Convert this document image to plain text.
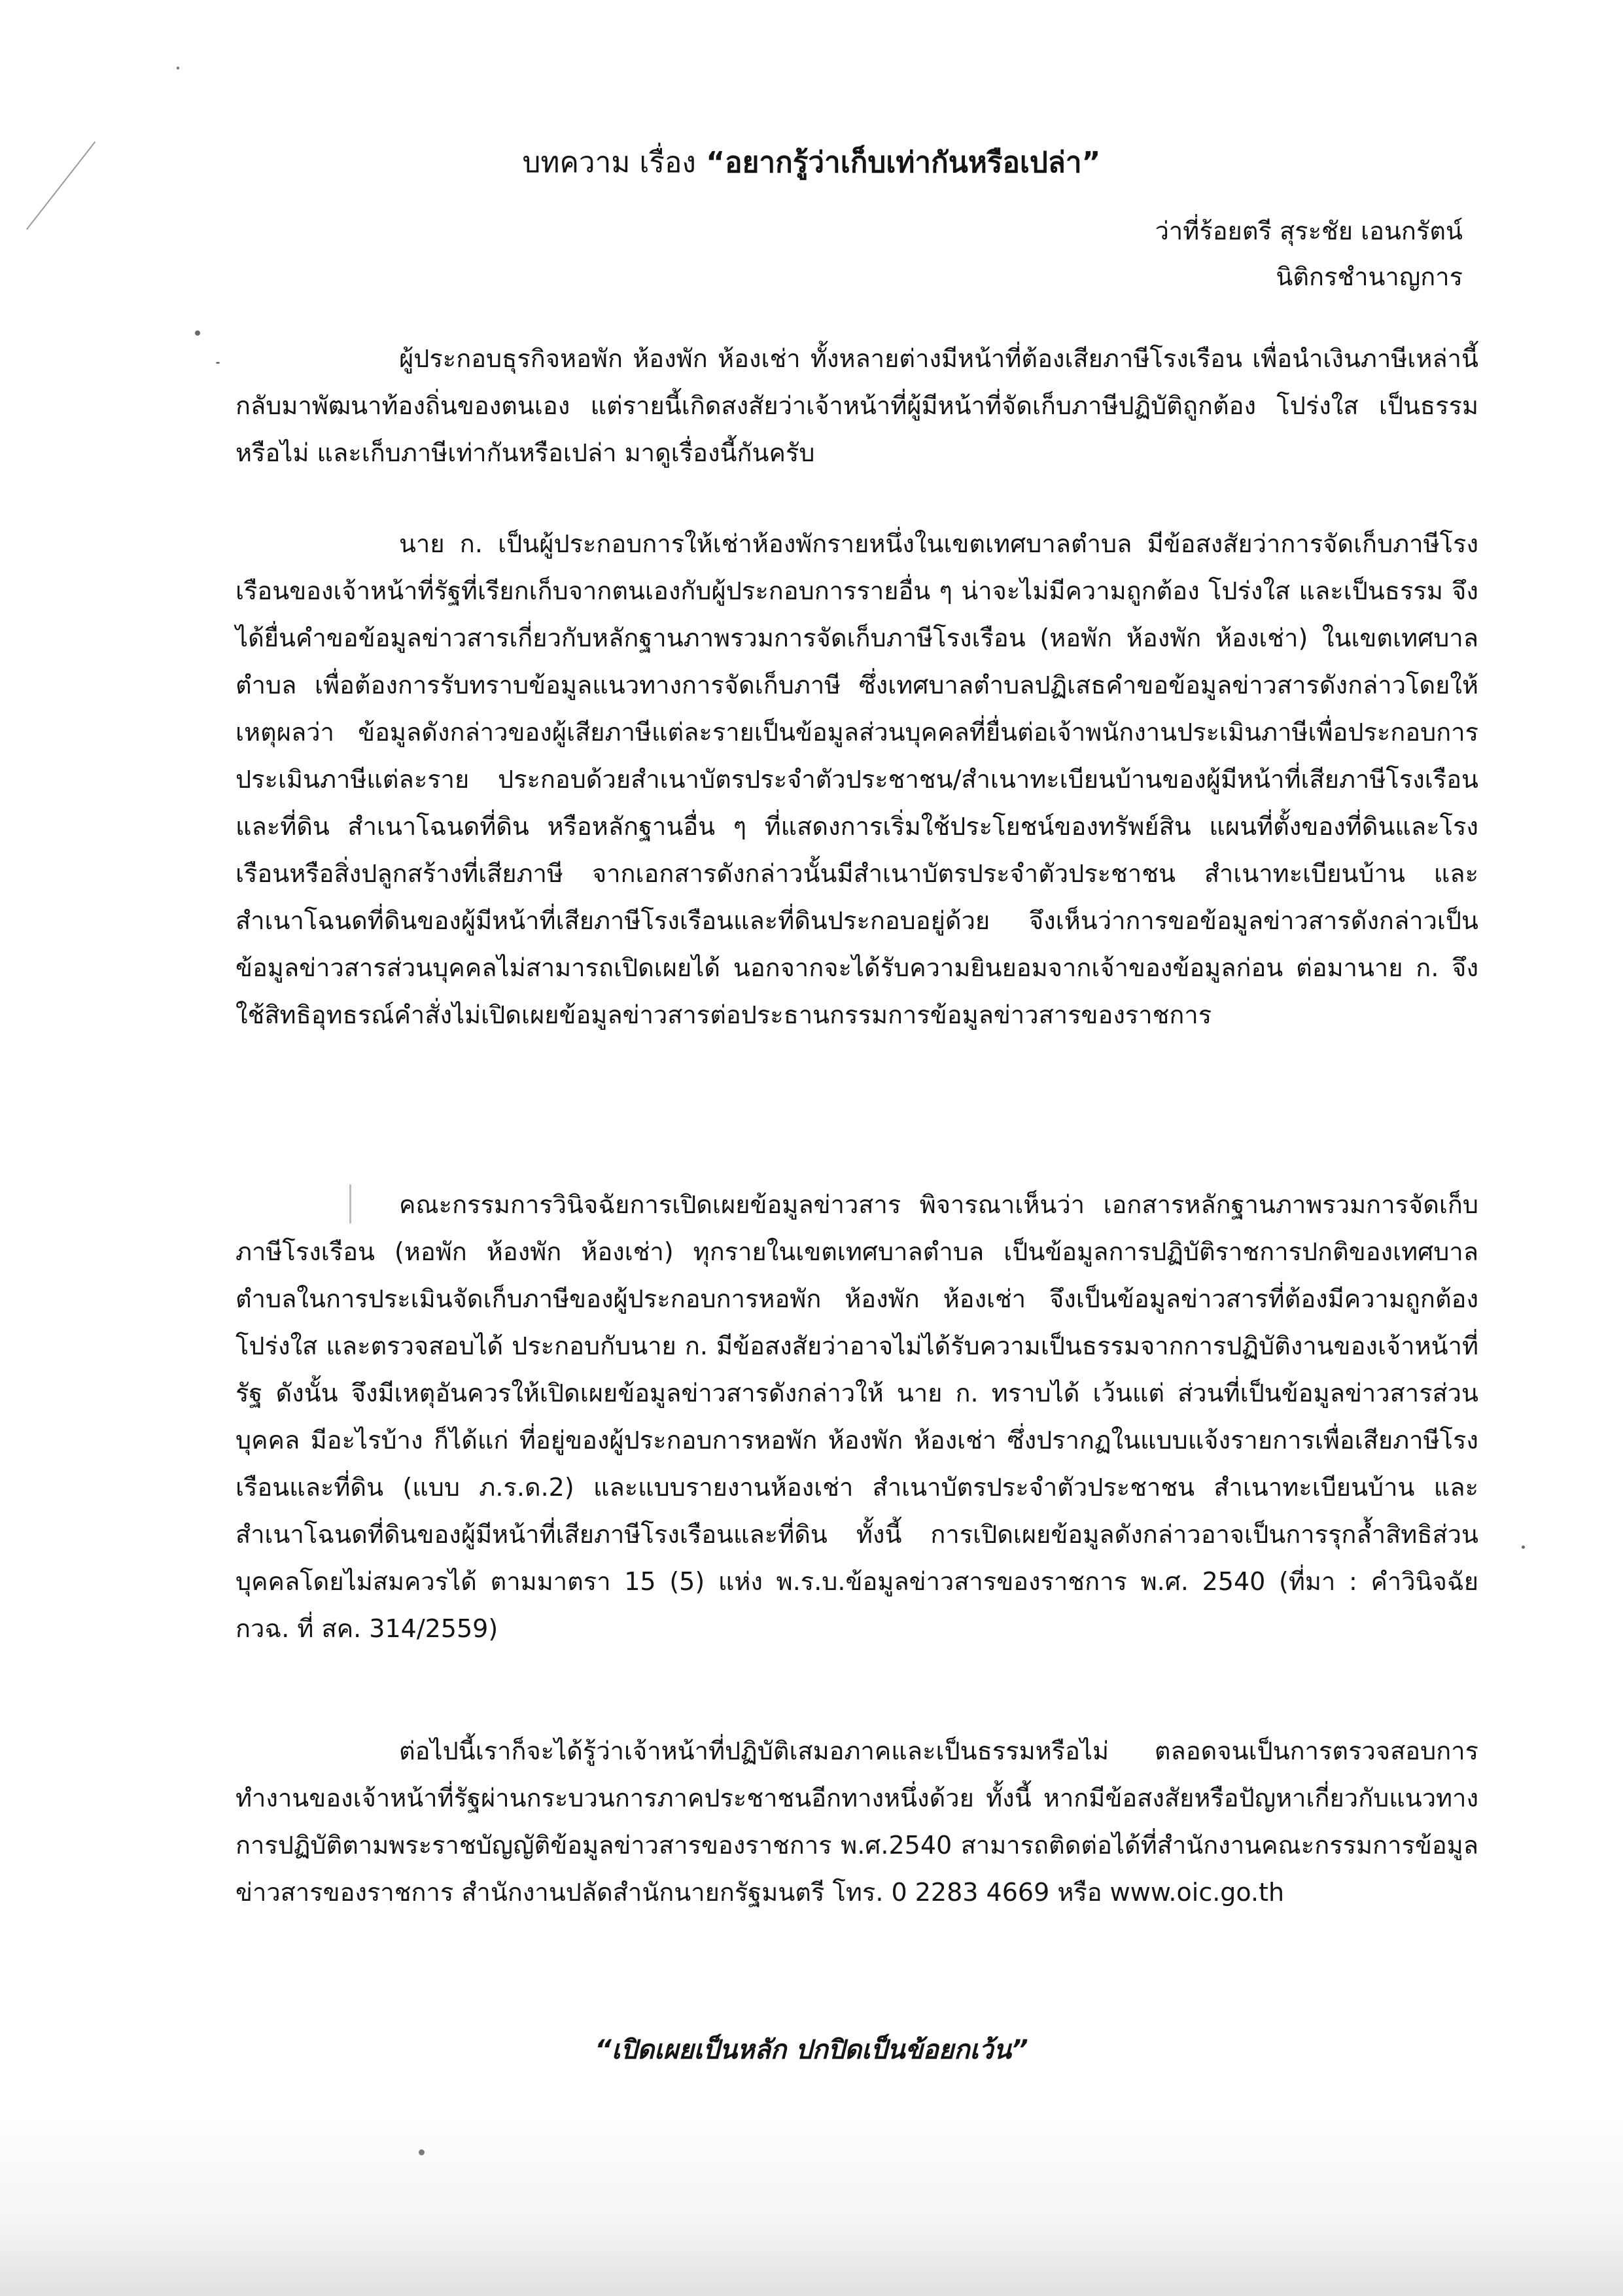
บทความ เรื่อง “อยากรู้ว่าเก็บเท่ากันหรือเปล่า”
ว่าที่ร้อยตรี สุระชัย เอนกรัตน์
นิติกรชำนาญการ

ผู้ประกอบธุรกิจหอพัก ห้องพัก ห้องเช่า ทั้งหลายต่างมีหน้าที่ต้องเสียภาษีโรงเรือน เพื่อนำเงินภาษีเหล่านี้กลับมาพัฒนาท้องถิ่นของตนเอง แต่รายนี้เกิดสงสัยว่าเจ้าหน้าที่ผู้มีหน้าที่จัดเก็บภาษีปฏิบัติถูกต้อง โปร่งใส เป็นธรรมหรือไม่ และเก็บภาษีเท่ากันหรือเปล่า มาดูเรื่องนี้กันครับ

นาย ก. เป็นผู้ประกอบการให้เช่าห้องพักรายหนึ่งในเขตเทศบาลตำบล มีข้อสงสัยว่าการจัดเก็บภาษีโรงเรือนของเจ้าหน้าที่รัฐที่เรียกเก็บจากตนเองกับผู้ประกอบการรายอื่น ๆ น่าจะไม่มีความถูกต้อง โปร่งใส และเป็นธรรม จึงได้ยื่นคำขอข้อมูลข่าวสารเกี่ยวกับหลักฐานภาพรวมการจัดเก็บภาษีโรงเรือน (หอพัก ห้องพัก ห้องเช่า) ในเขตเทศบาลตำบล เพื่อต้องการรับทราบข้อมูลแนวทางการจัดเก็บภาษี ซึ่งเทศบาลตำบลปฏิเสธคำขอข้อมูลข่าวสารดังกล่าวโดยให้เหตุผลว่า ข้อมูลดังกล่าวของผู้เสียภาษีแต่ละรายเป็นข้อมูลส่วนบุคคลที่ยื่นต่อเจ้าพนักงานประเมินภาษีเพื่อประกอบการประเมินภาษีแต่ละราย ประกอบด้วยสำเนาบัตรประจำตัวประชาชน/สำเนาทะเบียนบ้านของผู้มีหน้าที่เสียภาษีโรงเรือนและที่ดิน สำเนาโฉนดที่ดิน หรือหลักฐานอื่น ๆ ที่แสดงการเริ่มใช้ประโยชน์ของทรัพย์สิน แผนที่ตั้งของที่ดินและโรงเรือนหรือสิ่งปลูกสร้างที่เสียภาษี จากเอกสารดังกล่าวนั้นมีสำเนาบัตรประจำตัวประชาชน สำเนาทะเบียนบ้าน และสำเนาโฉนดที่ดินของผู้มีหน้าที่เสียภาษีโรงเรือนและที่ดินประกอบอยู่ด้วย จึงเห็นว่าการขอข้อมูลข่าวสารดังกล่าวเป็นข้อมูลข่าวสารส่วนบุคคลไม่สามารถเปิดเผยได้ นอกจากจะได้รับความยินยอมจากเจ้าของข้อมูลก่อน ต่อมานาย ก. จึงใช้สิทธิอุทธรณ์คำสั่งไม่เปิดเผยข้อมูลข่าวสารต่อประธานกรรมการข้อมูลข่าวสารของราชการ

คณะกรรมการวินิจฉัยการเปิดเผยข้อมูลข่าวสาร พิจารณาเห็นว่า เอกสารหลักฐานภาพรวมการจัดเก็บภาษีโรงเรือน (หอพัก ห้องพัก ห้องเช่า) ทุกรายในเขตเทศบาลตำบล เป็นข้อมูลการปฏิบัติราชการปกติของเทศบาลตำบลในการประเมินจัดเก็บภาษีของผู้ประกอบการหอพัก ห้องพัก ห้องเช่า จึงเป็นข้อมูลข่าวสารที่ต้องมีความถูกต้อง โปร่งใส และตรวจสอบได้ ประกอบกับนาย ก. มีข้อสงสัยว่าอาจไม่ได้รับความเป็นธรรมจากการปฏิบัติงานของเจ้าหน้าที่รัฐ ดังนั้น จึงมีเหตุอันควรให้เปิดเผยข้อมูลข่าวสารดังกล่าวให้ นาย ก. ทราบได้ เว้นแต่ ส่วนที่เป็นข้อมูลข่าวสารส่วนบุคคล มีอะไรบ้าง ก็ได้แก่ ที่อยู่ของผู้ประกอบการหอพัก ห้องพัก ห้องเช่า ซึ่งปรากฏในแบบแจ้งรายการเพื่อเสียภาษีโรงเรือนและที่ดิน (แบบ ภ.ร.ด.2) และแบบรายงานห้องเช่า สำเนาบัตรประจำตัวประชาชน สำเนาทะเบียนบ้าน และสำเนาโฉนดที่ดินของผู้มีหน้าที่เสียภาษีโรงเรือนและที่ดิน ทั้งนี้ การเปิดเผยข้อมูลดังกล่าวอาจเป็นการรุกล้ำสิทธิส่วนบุคคลโดยไม่สมควรได้ ตามมาตรา 15 (5) แห่ง พ.ร.บ.ข้อมูลข่าวสารของราชการ พ.ศ. 2540 (ที่มา : คำวินิจฉัย กวฉ. ที่ สค. 314/2559)

ต่อไปนี้เราก็จะได้รู้ว่าเจ้าหน้าที่ปฏิบัติเสมอภาคและเป็นธรรมหรือไม่ ตลอดจนเป็นการตรวจสอบการทำงานของเจ้าหน้าที่รัฐผ่านกระบวนการภาคประชาชนอีกทางหนึ่งด้วย ทั้งนี้ หากมีข้อสงสัยหรือปัญหาเกี่ยวกับแนวทางการปฏิบัติตามพระราชบัญญัติข้อมูลข่าวสารของราชการ พ.ศ.2540 สามารถติดต่อได้ที่สำนักงานคณะกรรมการข้อมูลข่าวสารของราชการ สำนักงานปลัดสำนักนายกรัฐมนตรี โทร. 0 2283 4669 หรือ www.oic.go.th

“เปิดเผยเป็นหลัก ปกปิดเป็นข้อยกเว้น”
